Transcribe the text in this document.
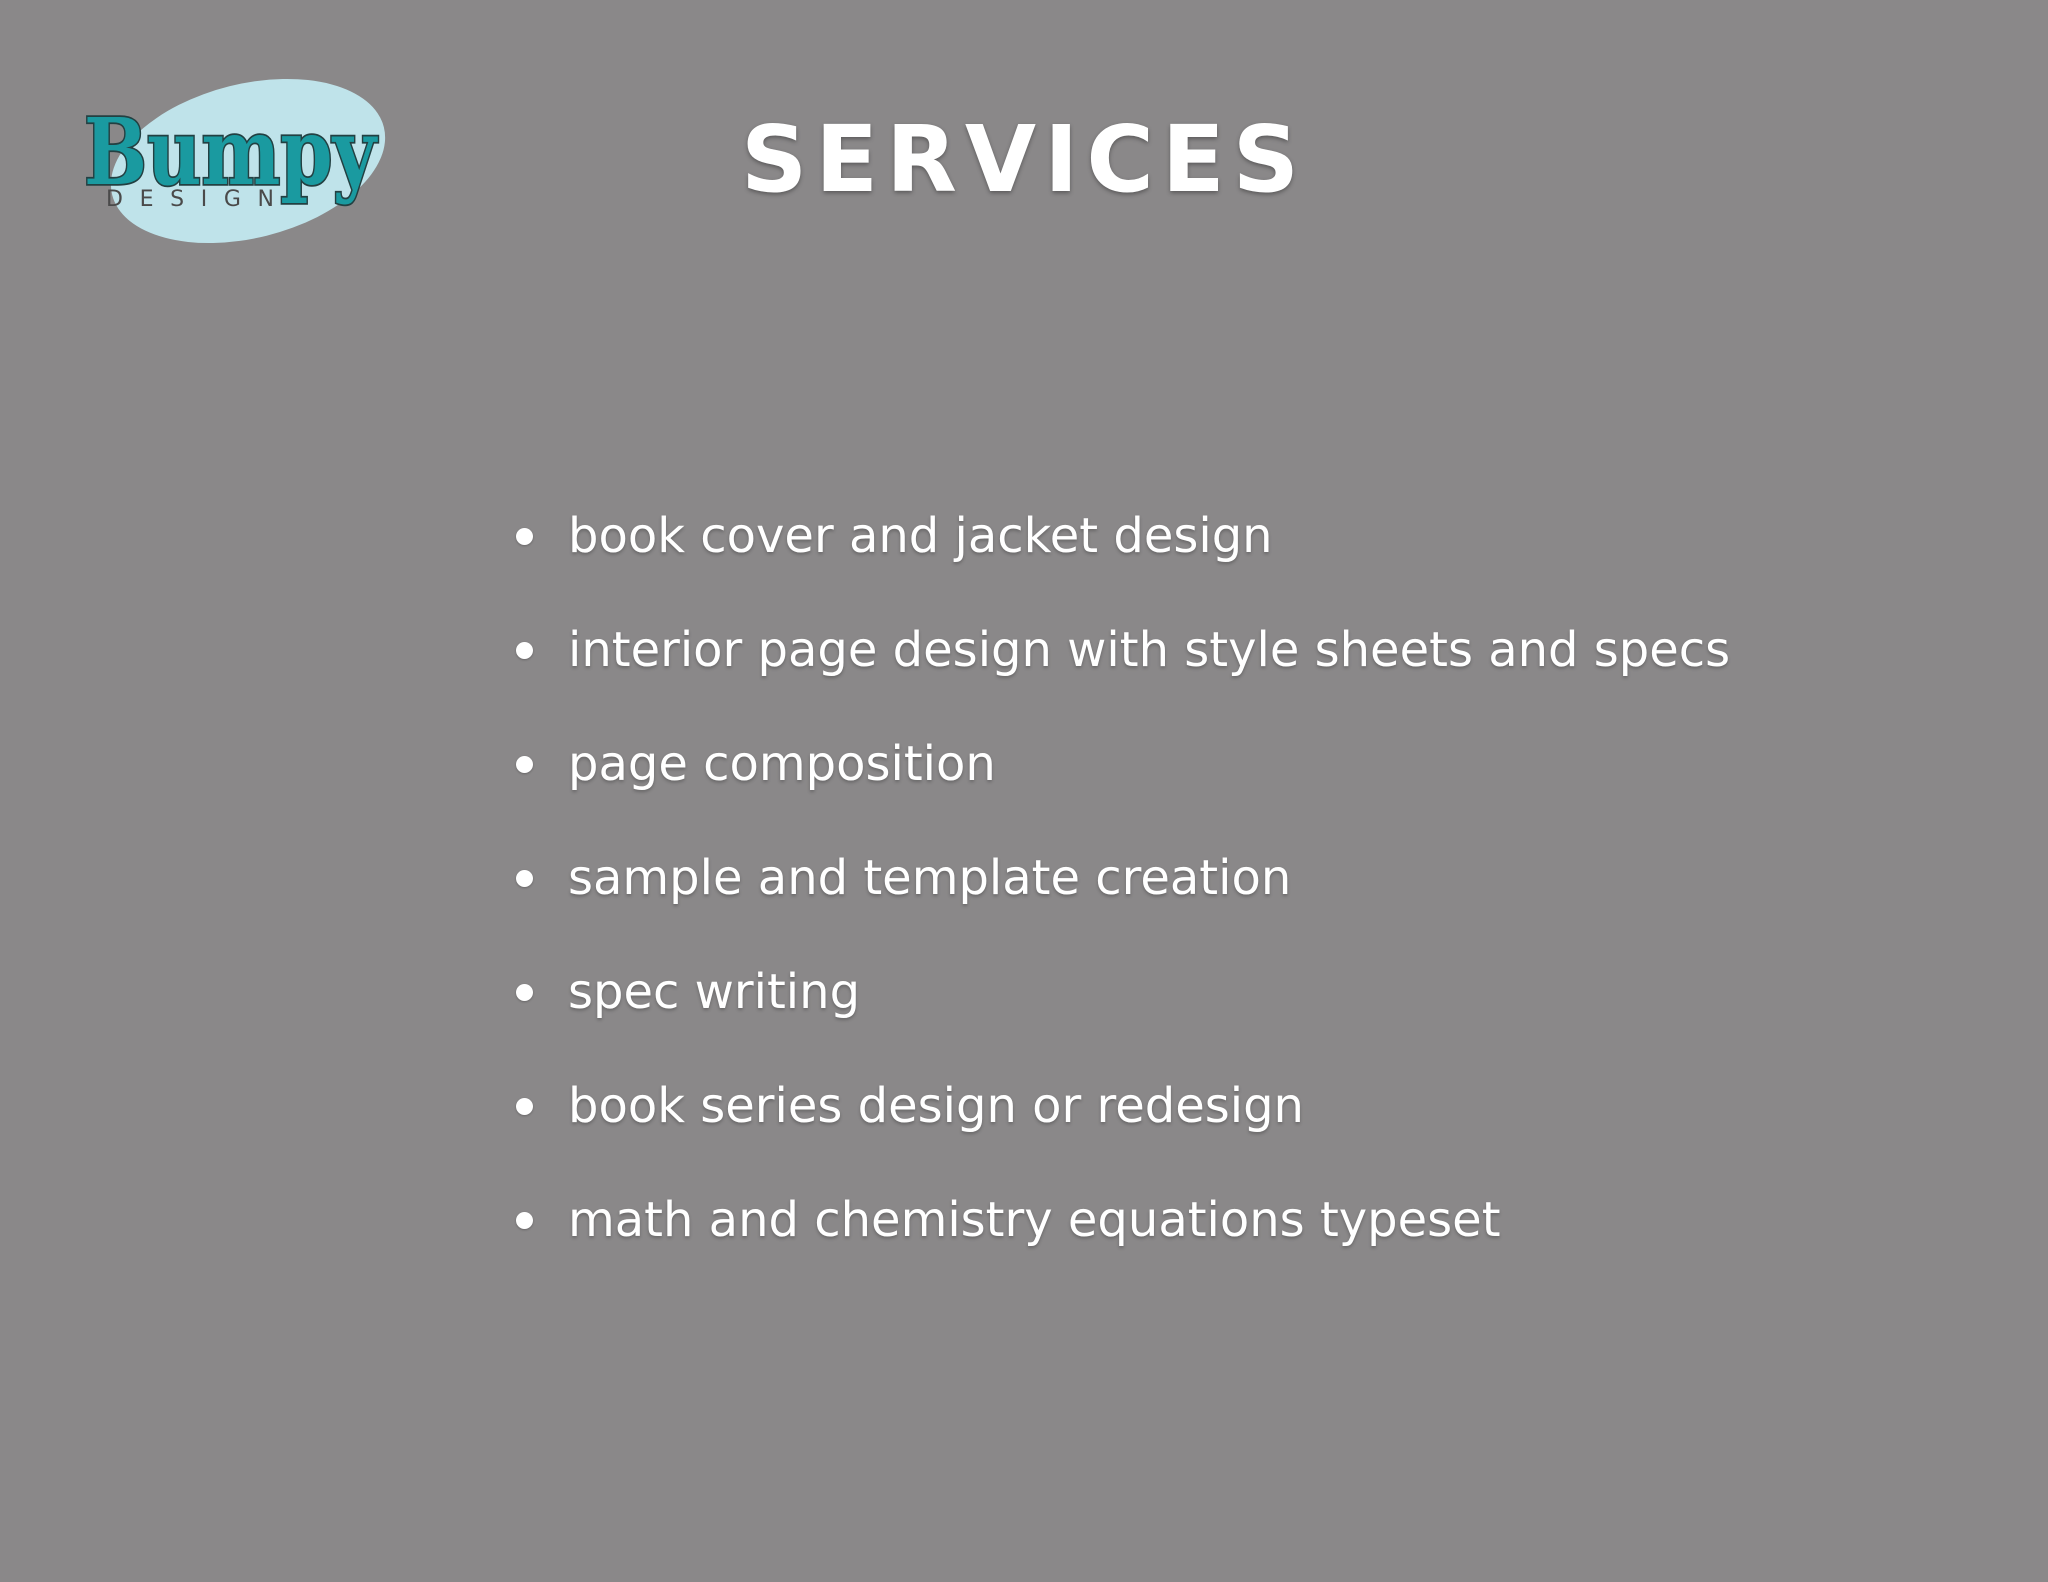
Bumpy
DESIGN	SERVICES
book cover and jacket design
interior page design with style sheets and specs
page composition
sample and template creation
spec writing
book series design or redesign
math and chemistry equations typeset
